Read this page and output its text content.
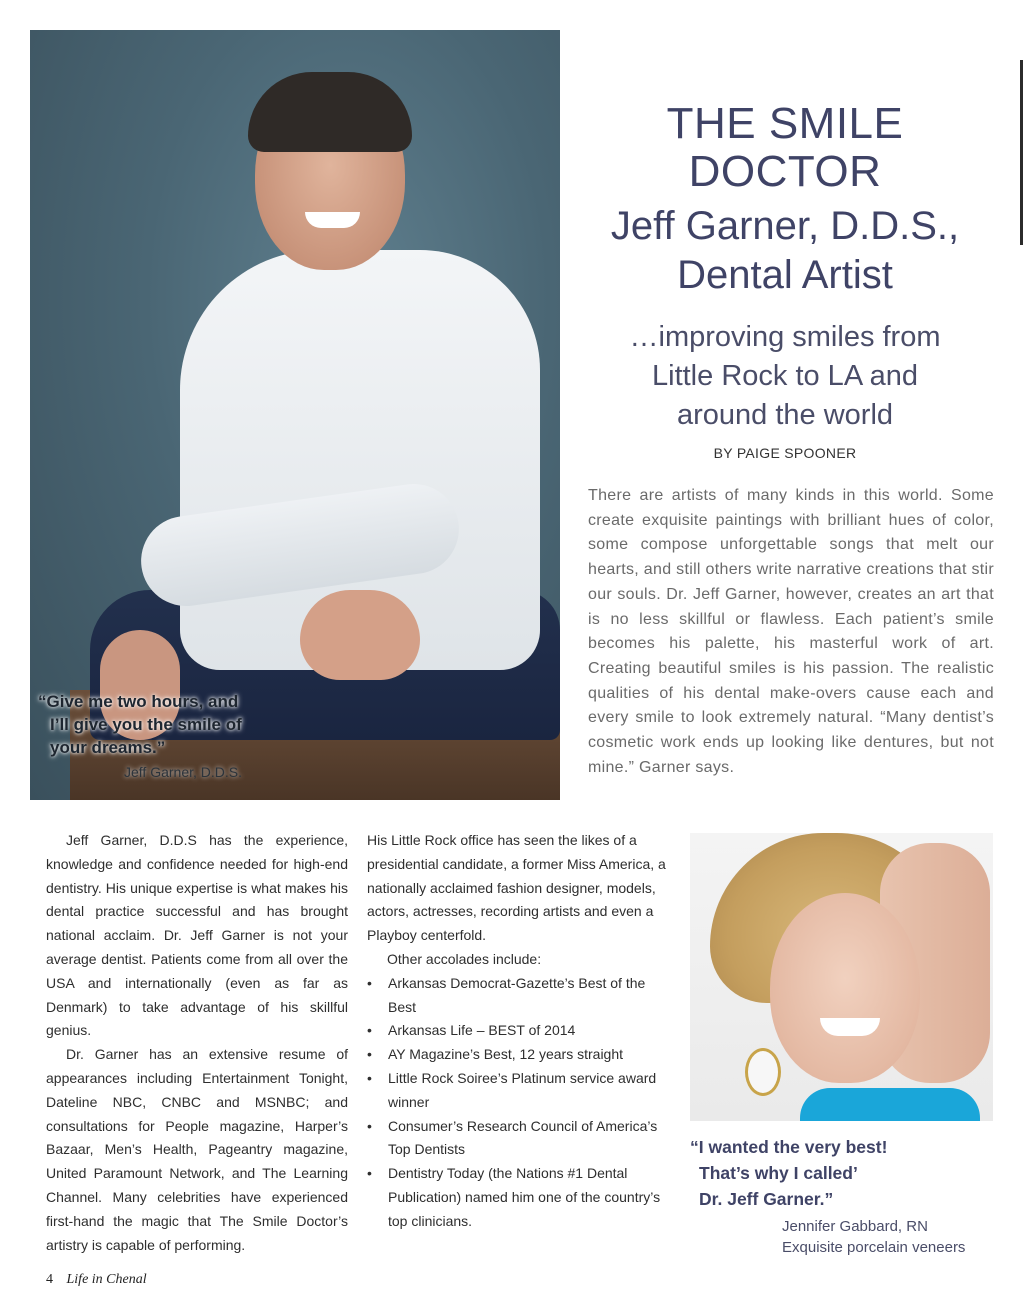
“Give me two hours, and
I’ll give you the smile of
your dreams.”
Jeff Garner, D.D.S.
THE SMILE
DOCTOR
Jeff Garner, D.D.S.,
Dental Artist
…improving smiles from
Little Rock to LA and
around the world
BY PAIGE SPOONER

There are artists of many kinds in this world. Some create exquisite paintings with brilliant hues of color, some compose unforgettable songs that melt our hearts, and still others write narrative creations that stir our souls. Dr. Jeff Garner, however, creates an art that is no less skillful or flawless. Each patient’s smile becomes his palette, his masterful work of art. Creating beautiful smiles is his passion. The realistic qualities of his dental make-overs cause each and every smile to look extremely natural. “Many dentist’s cosmetic work ends up looking like dentures, but not mine.” Garner says.

Jeff Garner, D.D.S has the experience, knowledge and confidence needed for high-end dentistry. His unique expertise is what makes his dental practice successful and has brought national acclaim. Dr. Jeff Garner is not your average dentist. Patients come from all over the USA and internationally (even as far as Denmark) to take advantage of his skillful genius.

Dr. Garner has an extensive resume of appearances including Entertainment Tonight, Dateline NBC, CNBC and MSNBC; and consultations for People magazine, Harper’s Bazaar, Men’s Health, Pageantry magazine, United Paramount Network, and The Learning Channel. Many celebrities have experienced first-hand the magic that The Smile Doctor’s artistry is capable of performing.

His Little Rock office has seen the likes of a presidential candidate, a former Miss America, a nationally acclaimed fashion designer, models, actors, actresses, recording artists and even a Playboy centerfold.

Other accolades include:

• Arkansas Democrat-Gazette’s Best of the Best
• Arkansas Life – BEST of 2014
• AY Magazine’s Best, 12 years straight
• Little Rock Soiree’s Platinum service award winner
• Consumer’s Research Council of America’s Top Dentists
• Dentistry Today (the Nations #1 Dental Publication) named him one of the country’s top clinicians.
“I wanted the very best!
That’s why I called’
Dr. Jeff Garner.”
Jennifer Gabbard, RN
Exquisite porcelain veneers
4 Life in Chenal
